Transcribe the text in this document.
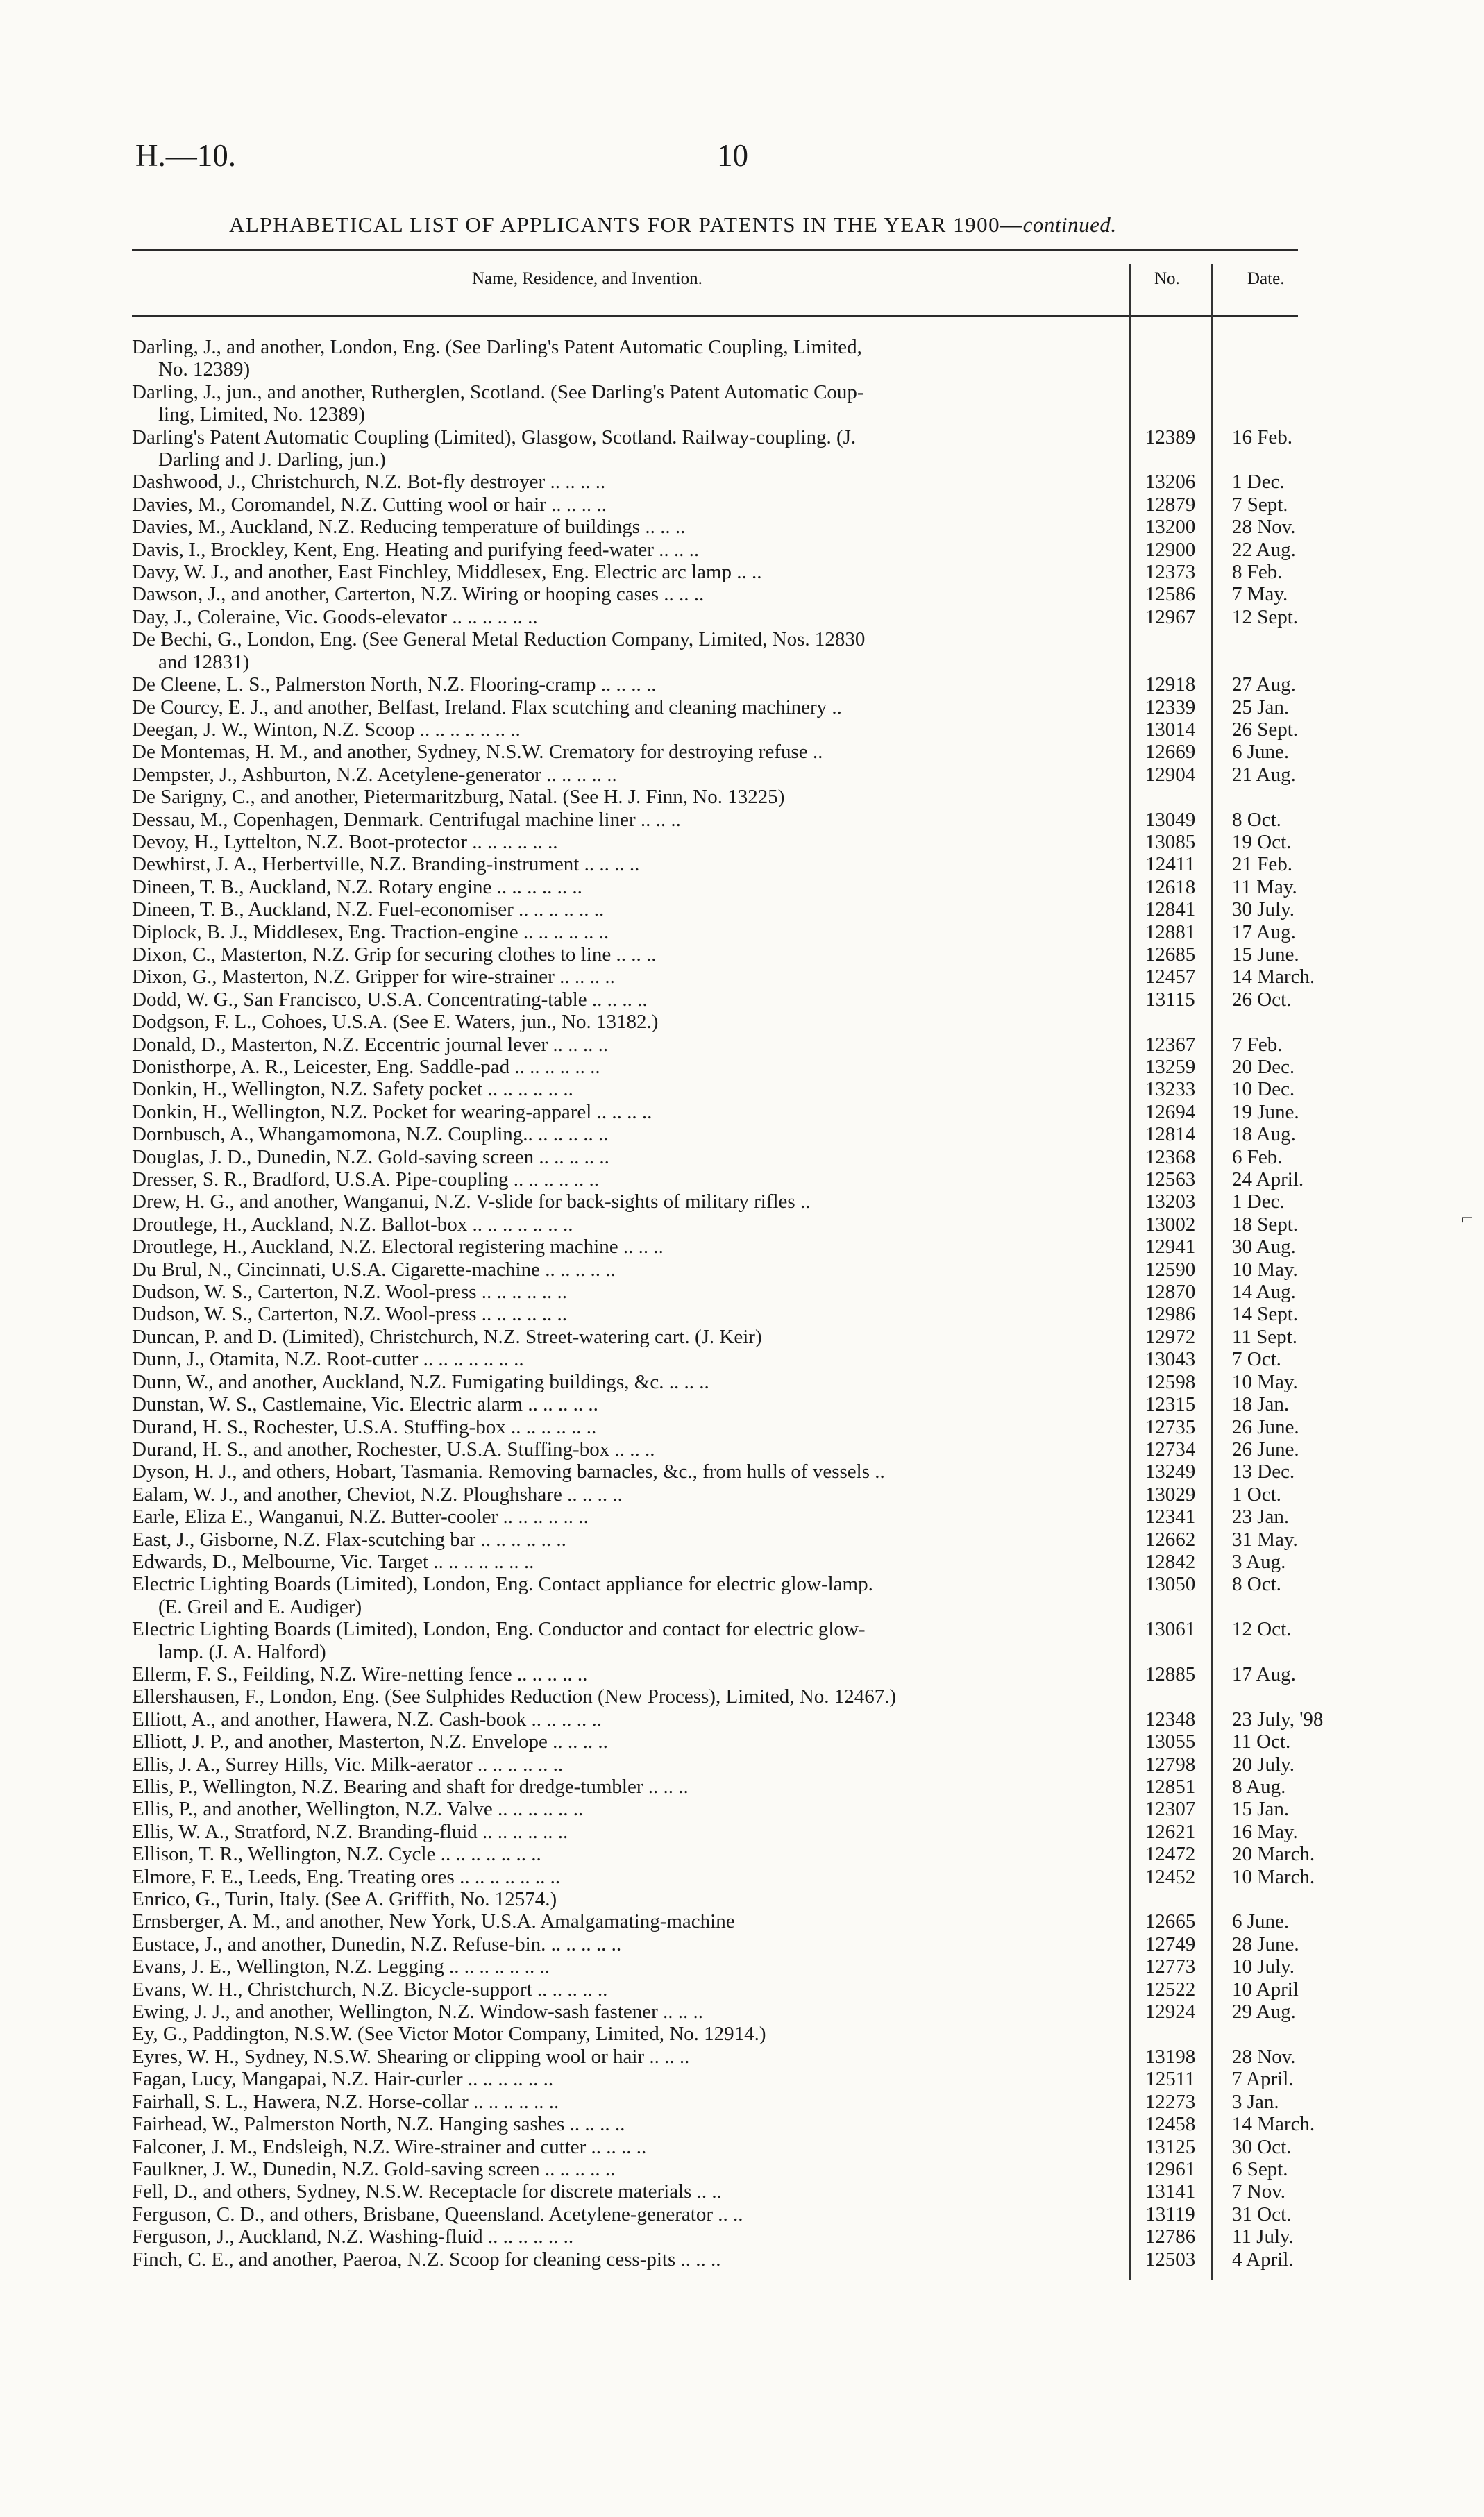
H.—10.	10
ALPHABETICAL LIST OF APPLICANTS FOR PATENTS IN THE YEAR 1900—continued.
Name, Residence, and Invention.	No.	Date.
Darling, J., and another, London, Eng. (See Darling's Patent Automatic Coupling, Limited,
No. 12389)
Darling, J., jun., and another, Rutherglen, Scotland. (See Darling's Patent Automatic Coup-
ling, Limited, No. 12389)
Darling's Patent Automatic Coupling (Limited), Glasgow, Scotland. Railway-coupling. (J.
Darling and J. Darling, jun.)
12389	16 Feb.
Dashwood, J., Christchurch, N.Z. Bot-fly destroyer .. .. .. ..	13206	1 Dec.
Davies, M., Coromandel, N.Z. Cutting wool or hair .. .. .. ..	12879	7 Sept.
Davies, M., Auckland, N.Z. Reducing temperature of buildings .. .. ..	13200	28 Nov.
Davis, I., Brockley, Kent, Eng. Heating and purifying feed-water .. .. ..	12900	22 Aug.
Davy, W. J., and another, East Finchley, Middlesex, Eng. Electric arc lamp .. ..	12373	8 Feb.
Dawson, J., and another, Carterton, N.Z. Wiring or hooping cases .. .. ..	12586	7 May.
Day, J., Coleraine, Vic. Goods-elevator .. .. .. .. .. ..	12967	12 Sept.
De Bechi, G., London, Eng. (See General Metal Reduction Company, Limited, Nos. 12830
and 12831)
De Cleene, L. S., Palmerston North, N.Z. Flooring-cramp .. .. .. ..	12918	27 Aug.
De Courcy, E. J., and another, Belfast, Ireland. Flax scutching and cleaning machinery ..	12339	25 Jan.
Deegan, J. W., Winton, N.Z. Scoop .. .. .. .. .. .. ..	13014	26 Sept.
De Montemas, H. M., and another, Sydney, N.S.W. Crematory for destroying refuse ..	12669	6 June.
Dempster, J., Ashburton, N.Z. Acetylene-generator .. .. .. .. ..	12904	21 Aug.
De Sarigny, C., and another, Pietermaritzburg, Natal. (See H. J. Finn, No. 13225)
Dessau, M., Copenhagen, Denmark. Centrifugal machine liner .. .. ..	13049	8 Oct.
Devoy, H., Lyttelton, N.Z. Boot-protector .. .. .. .. .. ..	13085	19 Oct.
Dewhirst, J. A., Herbertville, N.Z. Branding-instrument .. .. .. ..	12411	21 Feb.
Dineen, T. B., Auckland, N.Z. Rotary engine .. .. .. .. .. ..	12618	11 May.
Dineen, T. B., Auckland, N.Z. Fuel-economiser .. .. .. .. .. ..	12841	30 July.
Diplock, B. J., Middlesex, Eng. Traction-engine .. .. .. .. .. ..	12881	17 Aug.
Dixon, C., Masterton, N.Z. Grip for securing clothes to line .. .. ..	12685	15 June.
Dixon, G., Masterton, N.Z. Gripper for wire-strainer .. .. .. ..	12457	14 March.
Dodd, W. G., San Francisco, U.S.A. Concentrating-table .. .. .. ..	13115	26 Oct.
Dodgson, F. L., Cohoes, U.S.A. (See E. Waters, jun., No. 13182.)
Donald, D., Masterton, N.Z. Eccentric journal lever .. .. .. ..	12367	7 Feb.
Donisthorpe, A. R., Leicester, Eng. Saddle-pad .. .. .. .. .. ..	13259	20 Dec.
Donkin, H., Wellington, N.Z. Safety pocket .. .. .. .. .. ..	13233	10 Dec.
Donkin, H., Wellington, N.Z. Pocket for wearing-apparel .. .. .. ..	12694	19 June.
Dornbusch, A., Whangamomona, N.Z. Coupling.. .. .. .. .. ..	12814	18 Aug.
Douglas, J. D., Dunedin, N.Z. Gold-saving screen .. .. .. .. ..	12368	6 Feb.
Dresser, S. R., Bradford, U.S.A. Pipe-coupling .. .. .. .. .. ..	12563	24 April.
Drew, H. G., and another, Wanganui, N.Z. V-slide for back-sights of military rifles ..	13203	1 Dec.
Droutlege, H., Auckland, N.Z. Ballot-box .. .. .. .. .. .. ..	13002	18 Sept.
Droutlege, H., Auckland, N.Z. Electoral registering machine .. .. ..	12941	30 Aug.
Du Brul, N., Cincinnati, U.S.A. Cigarette-machine .. .. .. .. ..	12590	10 May.
Dudson, W. S., Carterton, N.Z. Wool-press .. .. .. .. .. ..	12870	14 Aug.
Dudson, W. S., Carterton, N.Z. Wool-press .. .. .. .. .. ..	12986	14 Sept.
Duncan, P. and D. (Limited), Christchurch, N.Z. Street-watering cart. (J. Keir)	12972	11 Sept.
Dunn, J., Otamita, N.Z. Root-cutter .. .. .. .. .. .. ..	13043	7 Oct.
Dunn, W., and another, Auckland, N.Z. Fumigating buildings, &c. .. .. ..	12598	10 May.
Dunstan, W. S., Castlemaine, Vic. Electric alarm .. .. .. .. ..	12315	18 Jan.
Durand, H. S., Rochester, U.S.A. Stuffing-box .. .. .. .. .. ..	12735	26 June.
Durand, H. S., and another, Rochester, U.S.A. Stuffing-box .. .. ..	12734	26 June.
Dyson, H. J., and others, Hobart, Tasmania. Removing barnacles, &c., from hulls of vessels ..	13249	13 Dec.
Ealam, W. J., and another, Cheviot, N.Z. Ploughshare .. .. .. ..	13029	1 Oct.
Earle, Eliza E., Wanganui, N.Z. Butter-cooler .. .. .. .. .. ..	12341	23 Jan.
East, J., Gisborne, N.Z. Flax-scutching bar .. .. .. .. .. ..	12662	31 May.
Edwards, D., Melbourne, Vic. Target .. .. .. .. .. .. ..	12842	3 Aug.
Electric Lighting Boards (Limited), London, Eng. Contact appliance for electric glow-lamp.
(E. Greil and E. Audiger)
13050	8 Oct.
Electric Lighting Boards (Limited), London, Eng. Conductor and contact for electric glow-
lamp. (J. A. Halford)
13061	12 Oct.
Ellerm, F. S., Feilding, N.Z. Wire-netting fence .. .. .. .. ..	12885	17 Aug.
Ellershausen, F., London, Eng. (See Sulphides Reduction (New Process), Limited, No. 12467.)
Elliott, A., and another, Hawera, N.Z. Cash-book .. .. .. .. ..	12348	23 July, '98
Elliott, J. P., and another, Masterton, N.Z. Envelope .. .. .. ..	13055	11 Oct.
Ellis, J. A., Surrey Hills, Vic. Milk-aerator .. .. .. .. .. ..	12798	20 July.
Ellis, P., Wellington, N.Z. Bearing and shaft for dredge-tumbler .. .. ..	12851	8 Aug.
Ellis, P., and another, Wellington, N.Z. Valve .. .. .. .. .. ..	12307	15 Jan.
Ellis, W. A., Stratford, N.Z. Branding-fluid .. .. .. .. .. ..	12621	16 May.
Ellison, T. R., Wellington, N.Z. Cycle .. .. .. .. .. .. ..	12472	20 March.
Elmore, F. E., Leeds, Eng. Treating ores .. .. .. .. .. .. ..	12452	10 March.
Enrico, G., Turin, Italy. (See A. Griffith, No. 12574.)
Ernsberger, A. M., and another, New York, U.S.A. Amalgamating-machine	12665	6 June.
Eustace, J., and another, Dunedin, N.Z. Refuse-bin. .. .. .. .. ..	12749	28 June.
Evans, J. E., Wellington, N.Z. Legging .. .. .. .. .. .. ..	12773	10 July.
Evans, W. H., Christchurch, N.Z. Bicycle-support .. .. .. .. ..	12522	10 April
Ewing, J. J., and another, Wellington, N.Z. Window-sash fastener .. .. ..	12924	29 Aug.
Ey, G., Paddington, N.S.W. (See Victor Motor Company, Limited, No. 12914.)
Eyres, W. H., Sydney, N.S.W. Shearing or clipping wool or hair .. .. ..	13198	28 Nov.
Fagan, Lucy, Mangapai, N.Z. Hair-curler .. .. .. .. .. ..	12511	7 April.
Fairhall, S. L., Hawera, N.Z. Horse-collar .. .. .. .. .. ..	12273	3 Jan.
Fairhead, W., Palmerston North, N.Z. Hanging sashes .. .. .. ..	12458	14 March.
Falconer, J. M., Endsleigh, N.Z. Wire-strainer and cutter .. .. .. ..	13125	30 Oct.
Faulkner, J. W., Dunedin, N.Z. Gold-saving screen .. .. .. .. ..	12961	6 Sept.
Fell, D., and others, Sydney, N.S.W. Receptacle for discrete materials .. ..	13141	7 Nov.
Ferguson, C. D., and others, Brisbane, Queensland. Acetylene-generator .. ..	13119	31 Oct.
Ferguson, J., Auckland, N.Z. Washing-fluid .. .. .. .. .. ..	12786	11 July.
Finch, C. E., and another, Paeroa, N.Z. Scoop for cleaning cess-pits .. .. ..	12503	4 April.
⌐
